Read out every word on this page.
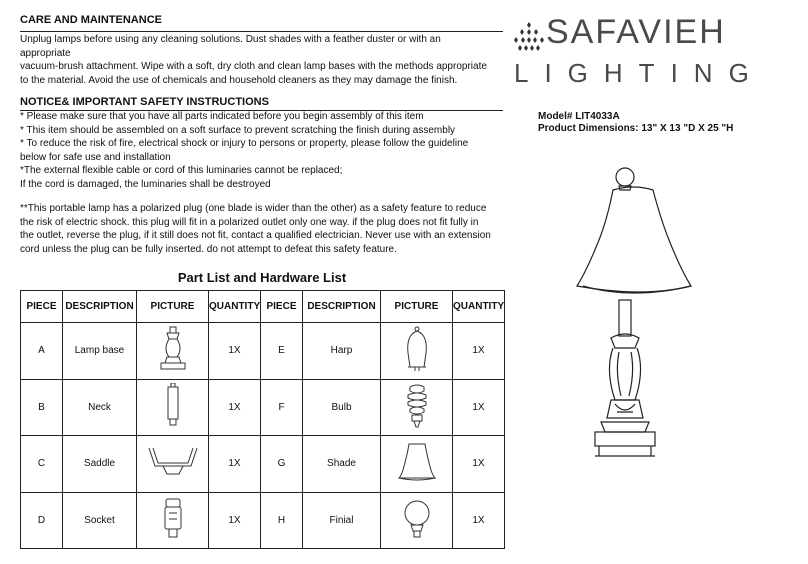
CARE AND MAINTENANCE
Unplug lamps before using any cleaning solutions. Dust shades with a feather duster or with an
appropriate
vacuum-brush attachment. Wipe with a soft, dry cloth and clean lamp bases with the methods appropriate
to the material. Avoid the use of chemicals and household cleaners as they may damage the finish.
NOTICE& IMPORTANT SAFETY INSTRUCTIONS
* Please make sure that you have all parts indicated before you begin assembly of this item
* This item should be assembled on a soft surface to prevent scratching the finish during assembly
* To reduce the risk of fire, electrical shock or injury to persons or property, please follow the guideline
below for safe use and installation
*The external flexible cable or cord of this luminaries cannot be replaced;
If the cord is damaged, the luminaries shall be destroyed
**This portable lamp has a polarized plug (one blade is wider than the other) as a safety feature to reduce
the risk of electric shock. this plug will fit in a polarized outlet only one way. if the plug does not fit fully in
the outlet, reverse the plug, if it still does not fit, contact a qualified electrician. Never use with an extension
cord unless the plug can be fully inserted. do not attempt to defeat this safety feature.
SAFAVIEH
LIGHTING
Model# LIT4033A
Product Dimensions: 13" X 13 "D X 25 "H
Part List and Hardware List
PIECE	DESCRIPTION	PICTURE	QUANTITY	PIECE	DESCRIPTION	PICTURE	QUANTITY
A	Lamp base		1X	E	Harp		1X
B	Neck		1X	F	Bulb		1X
C	Saddle		1X	G	Shade		1X
D	Socket		1X	H	Finial		1X
